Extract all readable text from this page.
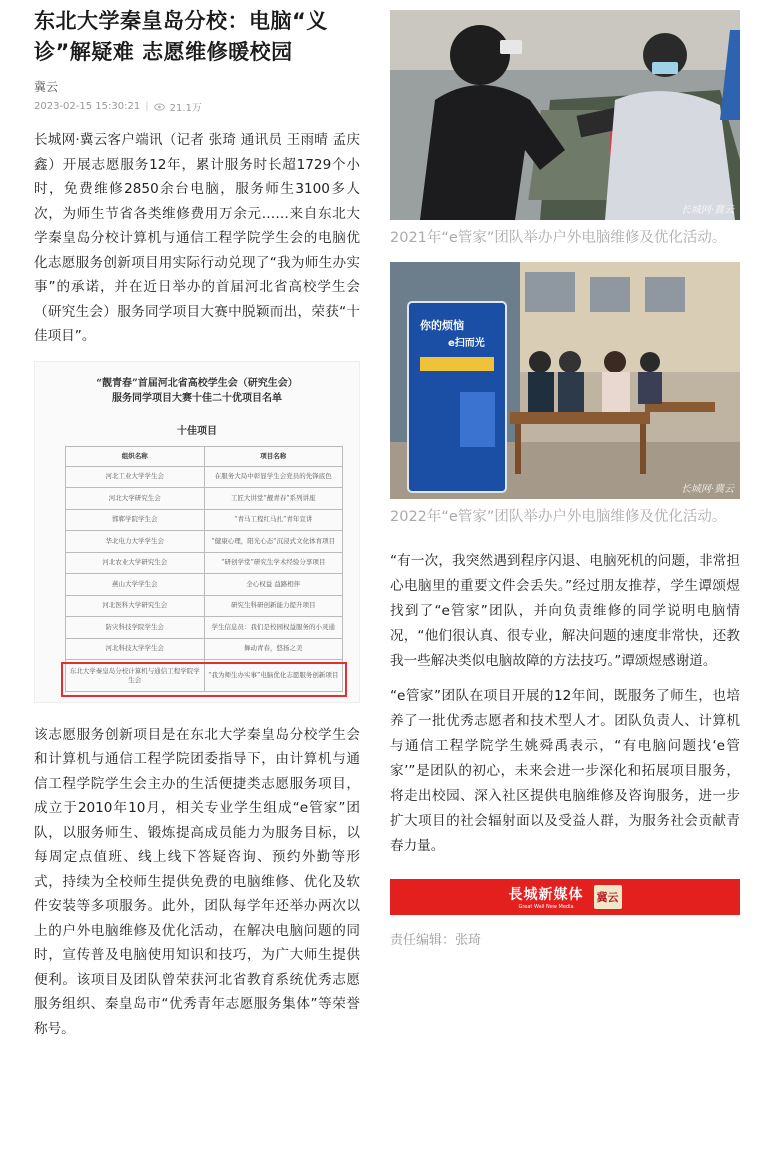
东北大学秦皇岛分校：电脑“义诊”解疑难 志愿维修暖校园
冀云
2023-02-15 15:30:21 | 21.1万

长城网·冀云客户端讯（记者 张琦 通讯员 王雨晴 孟庆鑫）开展志愿服务12年，累计服务时长超1729个小时，免费维修2850余台电脑，服务师生3100多人次，为师生节省各类维修费用万余元……来自东北大学秦皇岛分校计算机与通信工程学院学生会的电脑优化志愿服务创新项目用实际行动兑现了“我为师生办实事”的承诺，并在近日举办的首届河北省高校学生会（研究生会）服务同学项目大赛中脱颖而出，荣获“十佳项目”。

“靓青春”首届河北省高校学生会（研究生会）服务同学项目大赛十佳二十优项目名单
十佳项目
组织名称	项目名称
河北工业大学学生会	在服务大局中彰显学生会党员的先锋底色
河北大学研究生会	工匠大讲堂“靓青春”系列讲座
邯郸学院学生会	“青马工程红马扎”青年宣讲
华北电力大学学生会	“健康心理，阳光心态”沉浸式文化体育项目
河北农业大学研究生会	“研创学堂”研究生学术经验分享项目
燕山大学学生会	全心权益 益路相伴
河北医科大学研究生会	研究生科研创新能力提升项目
防灾科技学院学生会	学生信息员：我们是校园权益服务的小灵通
河北科技大学学生会	舞动青春，悠扬之美
东北大学秦皇岛分校计算机与通信工程学院学生会	“我为师生办实事”电脑优化志愿服务创新项目

该志愿服务创新项目是在东北大学秦皇岛分校学生会和计算机与通信工程学院团委指导下，由计算机与通信工程学院学生会主办的生活便捷类志愿服务项目，成立于2010年10月，相关专业学生组成“e管家”团队，以服务师生、锻炼提高成员能力为服务目标，以每周定点值班、线上线下答疑咨询、预约外勤等形式，持续为全校师生提供免费的电脑维修、优化及软件安装等多项服务。此外，团队每学年还举办两次以上的户外电脑维修及优化活动，在解决电脑问题的同时，宣传普及电脑使用知识和技巧，为广大师生提供便利。该项目及团队曾荣获河北省教育系统优秀志愿服务组织、秦皇岛市“优秀青年志愿服务集体”等荣誉称号。

长城网·冀云

2021年“e管家”团队举办户外电脑维修及优化活动。

你的烦恼
e扫而光
长城网·冀云

2022年“e管家”团队举办户外电脑维修及优化活动。

“有一次，我突然遇到程序闪退、电脑死机的问题，非常担心电脑里的重要文件会丢失。”经过朋友推荐，学生谭颂煜找到了“e管家”团队，并向负责维修的同学说明电脑情况，“他们很认真、很专业，解决问题的速度非常快，还教我一些解决类似电脑故障的方法技巧。”谭颂煜感谢道。

“e管家”团队在项目开展的12年间，既服务了师生，也培养了一批优秀志愿者和技术型人才。团队负责人、计算机与通信工程学院学生姚舜禹表示，“有电脑问题找‘e管家’”是团队的初心，未来会进一步深化和拓展项目服务，将走出校园、深入社区提供电脑维修及咨询服务，进一步扩大项目的社会辐射面以及受益人群，为服务社会贡献青春力量。

長城新媒体
Great Wall New Media
冀云
责任编辑：张琦
